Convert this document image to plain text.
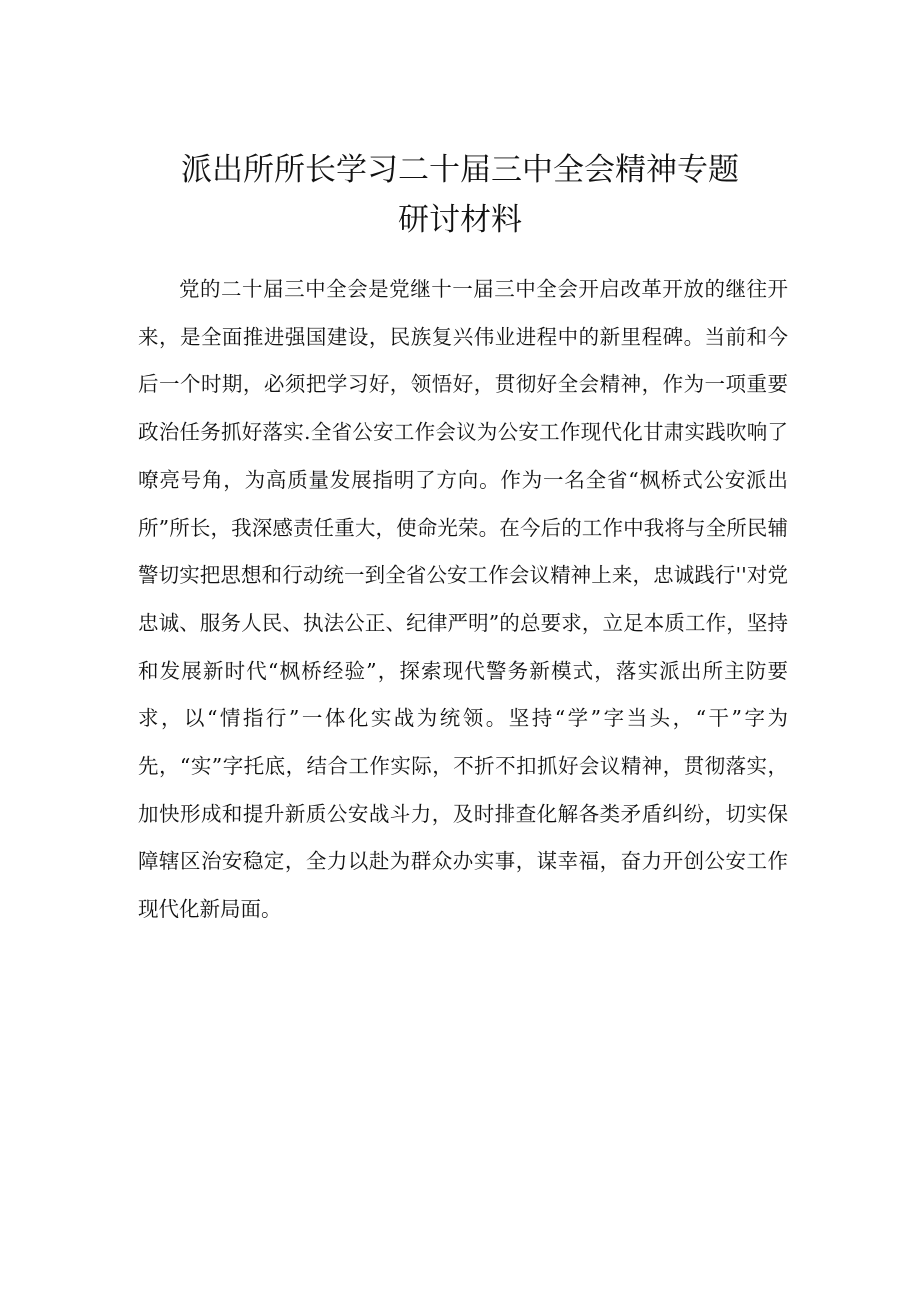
派出所所长学习二十届三中全会精神专题
研讨材料

党的二十届三中全会是党继十一届三中全会开启改革开放的继往开来，是全面推进强国建设，民族复兴伟业进程中的新里程碑。当前和今后一个时期，必须把学习好，领悟好，贯彻好全会精神，作为一项重要政治任务抓好落实.全省公安工作会议为公安工作现代化甘肃实践吹响了嘹亮号角，为高质量发展指明了方向。作为一名全省“枫桥式公安派出所”所长，我深感责任重大，使命光荣。在今后的工作中我将与全所民辅警切实把思想和行动统一到全省公安工作会议精神上来，忠诚践行''对党忠诚、服务人民、执法公正、纪律严明”的总要求，立足本质工作，坚持和发展新时代“枫桥经验”，探索现代警务新模式，落实派出所主防要求，以“情指行”一体化实战为统领。坚持“学”字当头，“干”字为先，“实”字托底，结合工作实际，不折不扣抓好会议精神，贯彻落实，加快形成和提升新质公安战斗力，及时排查化解各类矛盾纠纷，切实保障辖区治安稳定，全力以赴为群众办实事，谋幸福，奋力开创公安工作现代化新局面。
